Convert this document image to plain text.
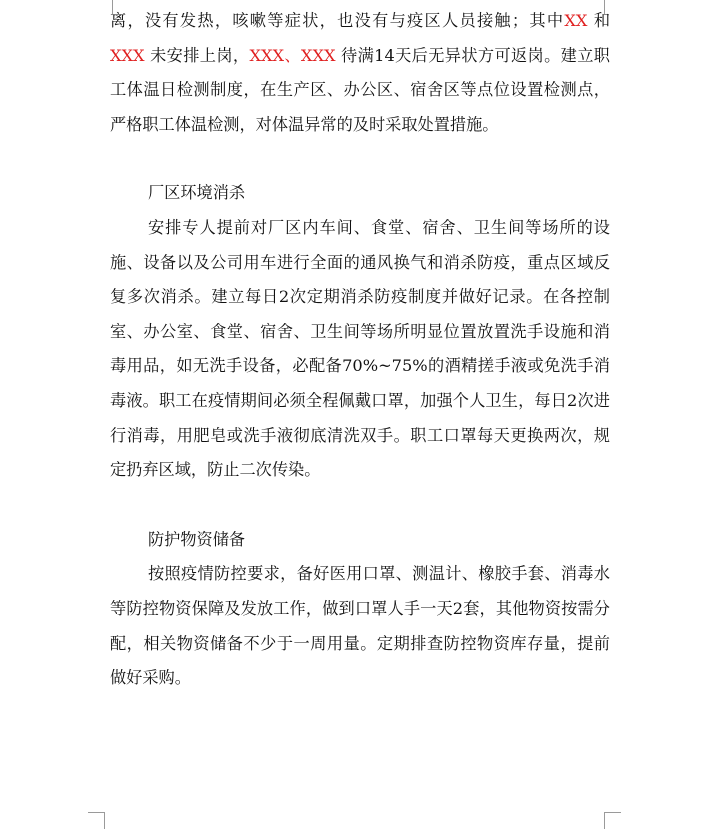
离，没有发热，咳嗽等症状，也没有与疫区人员接触；其中XX 和 XXX 未安排上岗，XXX、XXX 待满14天后无异状方可返岗。建立职工体温日检测制度，在生产区、办公区、宿舍区等点位设置检测点，严格职工体温检测，对体温异常的及时采取处置措施。

厂区环境消杀

安排专人提前对厂区内车间、食堂、宿舍、卫生间等场所的设施、设备以及公司用车进行全面的通风换气和消杀防疫，重点区域反复多次消杀。建立每日2次定期消杀防疫制度并做好记录。在各控制室、办公室、食堂、宿舍、卫生间等场所明显位置放置洗手设施和消毒用品，如无洗手设备，必配备70%~75%的酒精搓手液或免洗手消毒液。职工在疫情期间必须全程佩戴口罩，加强个人卫生，每日2次进行消毒，用肥皂或洗手液彻底清洗双手。职工口罩每天更换两次，规定扔弃区域，防止二次传染。

防护物资储备

按照疫情防控要求，备好医用口罩、测温计、橡胶手套、消毒水等防控物资保障及发放工作，做到口罩人手一天2套，其他物资按需分配，相关物资储备不少于一周用量。定期排查防控物资库存量，提前做好采购。
